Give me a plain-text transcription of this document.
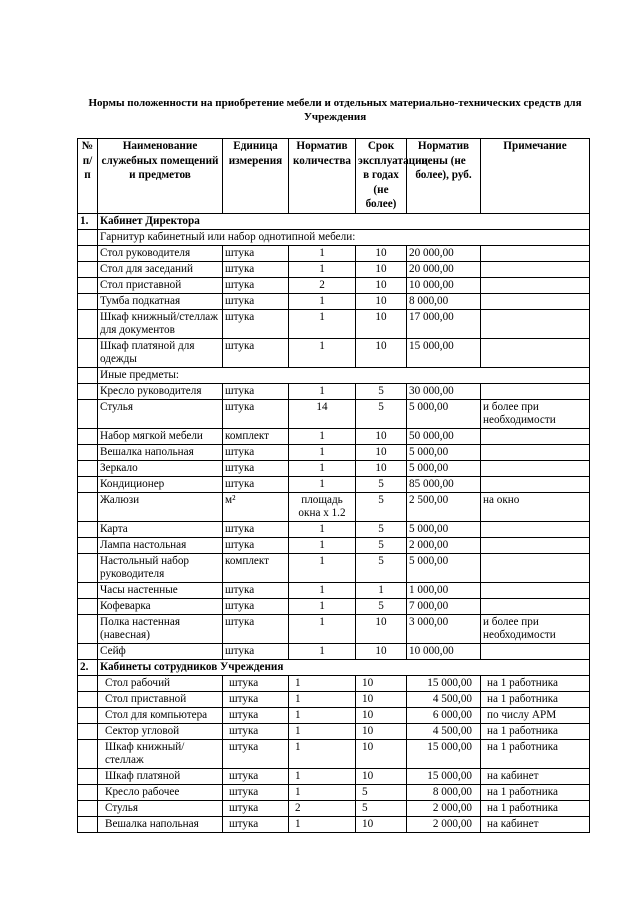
Нормы положенности на приобретение мебели и отдельных материально-технических средств для Учреждения
№ п/п	Наименование служебных помещений и предметов	Единица измерения	Норматив количества	Срок эксплуатации в годах (не более)	Норматив цены (не более), руб.	Примечание
1.	Кабинет Директора					
	Гарнитур кабинетный или набор однотипной мебели:					
	Стол руководителя	штука	1	10	20 000,00	
	Стол для заседаний	штука	1	10	20 000,00	
	Стол приставной	штука	2	10	10 000,00	
	Тумба подкатная	штука	1	10	8 000,00	
	Шкаф книжный/стеллаж для документов	штука	1	10	17 000,00	
	Шкаф платяной для одежды	штука	1	10	15 000,00	
	Иные предметы:					
	Кресло руководителя	штука	1	5	30 000,00	
	Стулья	штука	14	5	5 000,00	и более при необходимости
	Набор мягкой мебели	комплект	1	10	50 000,00	
	Вешалка напольная	штука	1	10	5 000,00	
	Зеркало	штука	1	10	5 000,00	
	Кондиционер	штука	1	5	85 000,00	
	Жалюзи	м²	площадь окна x 1.2	5	2 500,00	на окно
	Карта	штука	1	5	5 000,00	
	Лампа настольная	штука	1	5	2 000,00	
	Настольный набор руководителя	комплект	1	5	5 000,00	
	Часы настенные	штука	1	1	1 000,00	
	Кофеварка	штука	1	5	7 000,00	
	Полка настенная (навесная)	штука	1	10	3 000,00	и более при необходимости
	Сейф	штука	1	10	10 000,00	
2.	Кабинеты сотрудников Учреждения					
	Стол рабочий	штука	1	10	15 000,00	на 1 работника
	Стол приставной	штука	1	10	4 500,00	на 1 работника
	Стол для компьютера	штука	1	10	6 000,00	по числу АРМ
	Сектор угловой	штука	1	10	4 500,00	на 1 работника
	Шкаф книжный/стеллаж	штука	1	10	15 000,00	на 1 работника
	Шкаф платяной	штука	1	10	15 000,00	на кабинет
	Кресло рабочее	штука	1	5	8 000,00	на 1 работника
	Стулья	штука	2	5	2 000,00	на 1 работника
	Вешалка напольная	штука	1	10	2 000,00	на кабинет
